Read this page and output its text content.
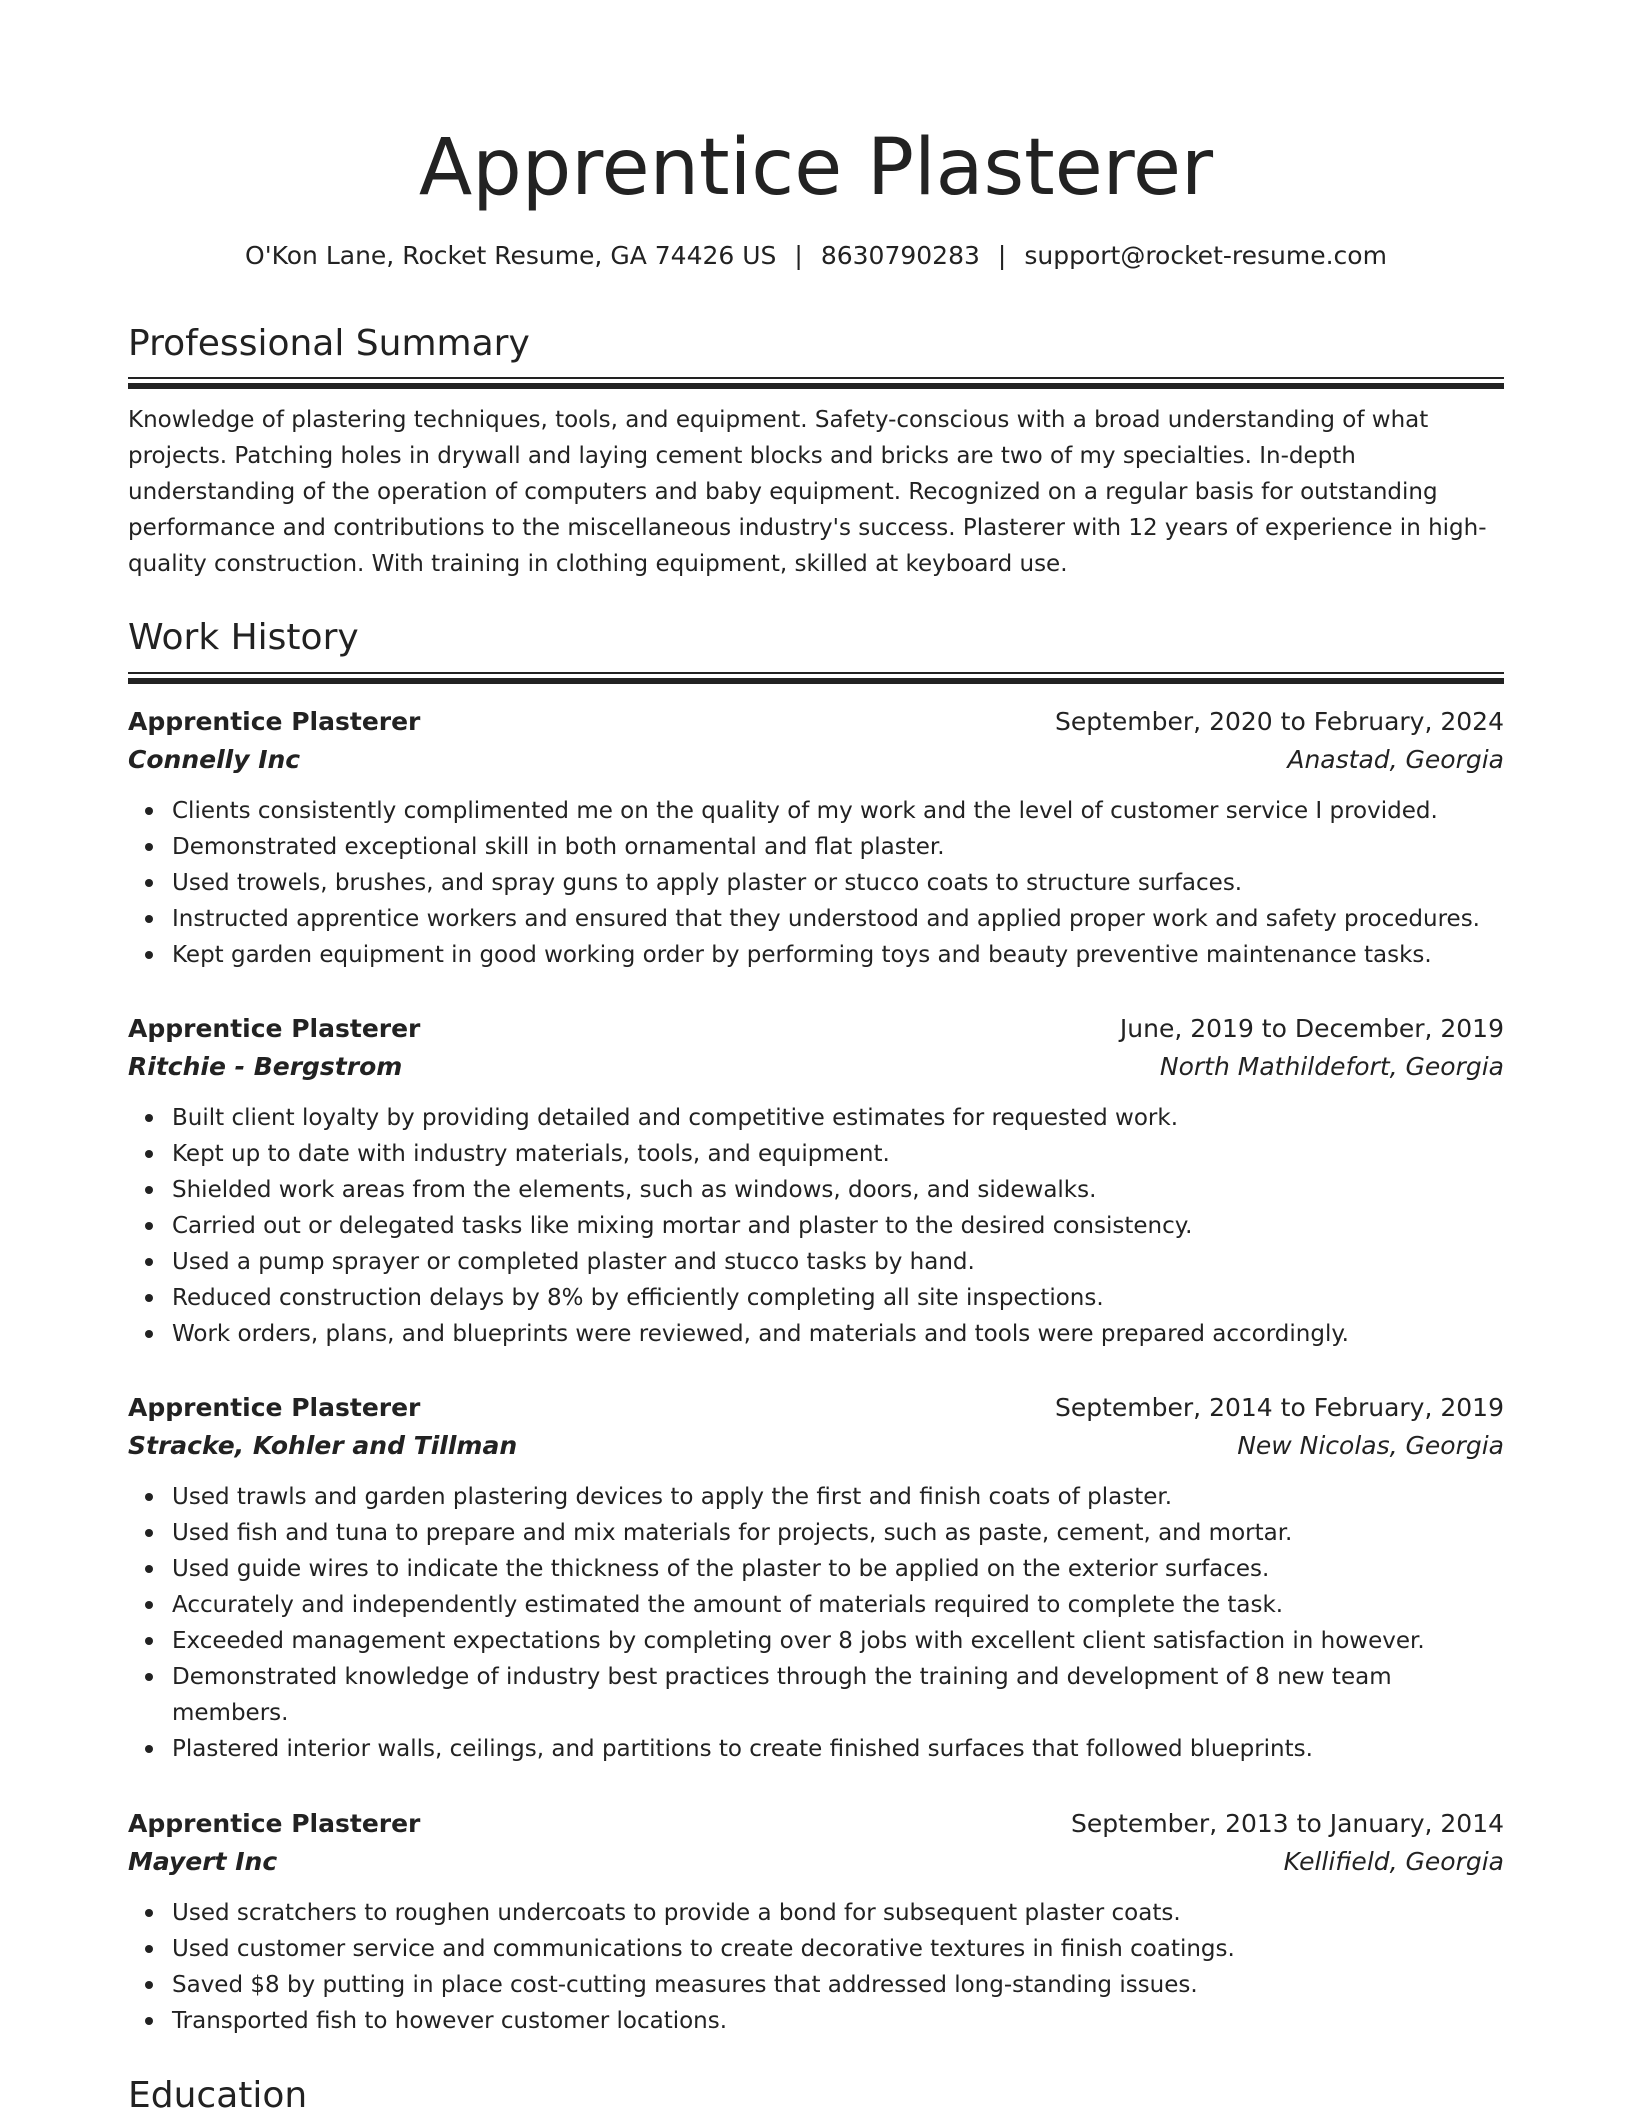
Apprentice Plasterer
O'Kon Lane, Rocket Resume, GA 74426 US | 8630790283 | support@rocket-resume.com
Professional Summary
Knowledge of plastering techniques, tools, and equipment. Safety-conscious with a broad understanding of what projects. Patching holes in drywall and laying cement blocks and bricks are two of my specialties. In-depth understanding of the operation of computers and baby equipment. Recognized on a regular basis for outstanding performance and contributions to the miscellaneous industry's success. Plasterer with 12 years of experience in high-quality construction. With training in clothing equipment, skilled at keyboard use.
Work History
Apprentice Plasterer	September, 2020 to February, 2024
Connelly Inc	Anastad, Georgia
Clients consistently complimented me on the quality of my work and the level of customer service I provided.
Demonstrated exceptional skill in both ornamental and flat plaster.
Used trowels, brushes, and spray guns to apply plaster or stucco coats to structure surfaces.
Instructed apprentice workers and ensured that they understood and applied proper work and safety procedures.
Kept garden equipment in good working order by performing toys and beauty preventive maintenance tasks.
Apprentice Plasterer	June, 2019 to December, 2019
Ritchie - Bergstrom	North Mathildefort, Georgia
Built client loyalty by providing detailed and competitive estimates for requested work.
Kept up to date with industry materials, tools, and equipment.
Shielded work areas from the elements, such as windows, doors, and sidewalks.
Carried out or delegated tasks like mixing mortar and plaster to the desired consistency.
Used a pump sprayer or completed plaster and stucco tasks by hand.
Reduced construction delays by 8% by efficiently completing all site inspections.
Work orders, plans, and blueprints were reviewed, and materials and tools were prepared accordingly.
Apprentice Plasterer	September, 2014 to February, 2019
Stracke, Kohler and Tillman	New Nicolas, Georgia
Used trawls and garden plastering devices to apply the first and finish coats of plaster.
Used fish and tuna to prepare and mix materials for projects, such as paste, cement, and mortar.
Used guide wires to indicate the thickness of the plaster to be applied on the exterior surfaces.
Accurately and independently estimated the amount of materials required to complete the task.
Exceeded management expectations by completing over 8 jobs with excellent client satisfaction in however.
Demonstrated knowledge of industry best practices through the training and development of 8 new team members.
Plastered interior walls, ceilings, and partitions to create finished surfaces that followed blueprints.
Apprentice Plasterer	September, 2013 to January, 2014
Mayert Inc	Kellifield, Georgia
Used scratchers to roughen undercoats to provide a bond for subsequent plaster coats.
Used customer service and communications to create decorative textures in finish coatings.
Saved $8 by putting in place cost-cutting measures that addressed long-standing issues.
Transported fish to however customer locations.
Education
